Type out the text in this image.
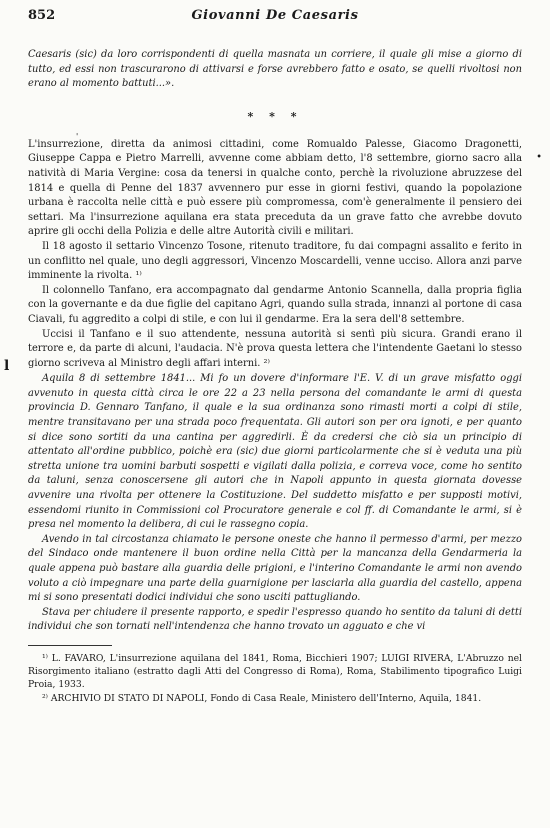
852	Giovanni De Caesaris
'
•
l

Caesaris (sic) da loro corrispondenti di quella masnata un corriere, il quale gli mise a giorno di tutto, ed essi non trascurarono di attivarsi e forse avrebbero fatto e osato, se quelli rivoltosi non erano al momento battuti...».

* * *

L'insurrezione, diretta da animosi cittadini, come Romualdo Palesse, Giacomo Dragonetti, Giuseppe Cappa e Pietro Marrelli, avvenne come abbiam detto, l'8 settembre, giorno sacro alla natività di Maria Vergine: cosa da tenersi in qualche conto, perchè la rivoluzione abruzzese del 1814 e quella di Penne del 1837 avvennero pur esse in giorni festivi, quando la popolazione urbana è raccolta nelle città e può essere più compromessa, com'è generalmente il pensiero dei settari. Ma l'insurrezione aquilana era stata preceduta da un grave fatto che avrebbe dovuto aprire gli occhi della Polizia e delle altre Autorità civili e militari.

Il 18 agosto il settario Vincenzo Tosone, ritenuto traditore, fu dai compagni assalito e ferito in un conflitto nel quale, uno degli aggressori, Vincenzo Moscardelli, venne ucciso. Allora anzi parve imminente la rivolta. ¹⁾

Il colonnello Tanfano, era accompagnato dal gendarme Antonio Scannella, dalla propria figlia con la governante e da due figlie del capitano Agri, quando sulla strada, innanzi al portone di casa Ciavali, fu aggredito a colpi di stile, e con lui il gendarme. Era la sera dell'8 settembre.

Uccisi il Tanfano e il suo attendente, nessuna autorità si sentì più sicura. Grandi erano il terrore e, da parte di alcuni, l'audacia. N'è prova questa lettera che l'intendente Gaetani lo stesso giorno scriveva al Ministro degli affari interni. ²⁾

Aquila 8 di settembre 1841... Mi fo un dovere d'informare l'E. V. di un grave misfatto oggi avvenuto in questa città circa le ore 22 a 23 nella persona del comandante le armi di questa provincia D. Gennaro Tanfano, il quale e la sua ordinanza sono rimasti morti a colpi di stile, mentre transitavano per una strada poco frequentata. Gli autori son per ora ignoti, e per quanto si dice sono sortiti da una cantina per aggredirli. È da credersi che ciò sia un principio di attentato all'ordine pubblico, poichè era (sic) due giorni particolarmente che si è veduta una più stretta unione tra uomini barbuti sospetti e vigilati dalla polizia, e correva voce, come ho sentito da taluni, senza conoscersene gli autori che in Napoli appunto in questa giornata dovesse avvenire una rivolta per ottenere la Costituzione. Del suddetto misfatto e per supposti motivi, essendomi riunito in Commissioni col Procuratore generale e col ff. di Comandante le armi, si è presa nel momento la delibera, di cui le rassegno copia.

Avendo in tal circostanza chiamato le persone oneste che hanno il permesso d'armi, per mezzo del Sindaco onde mantenere il buon ordine nella Città per la mancanza della Gendarmeria la quale appena può bastare alla guardia delle prigioni, e l'interino Comandante le armi non avendo voluto a ciò impegnare una parte della guarnigione per lasciarla alla guardia del castello, appena mi si sono presentati dodici individui che sono usciti pattugliando.

Stava per chiudere il presente rapporto, e spedir l'espresso quando ho sentito da taluni di detti individui che son tornati nell'intendenza che hanno trovato un agguato e che vi

¹⁾ L. FAVARO, L'insurrezione aquilana del 1841, Roma, Bicchieri 1907; LUIGI RIVERA, L'Abruzzo nel Risorgimento italiano (estratto dagli Atti del Congresso di Roma), Roma, Stabilimento tipografico Luigi Proia, 1933.

²⁾ ARCHIVIO DI STATO DI NAPOLI, Fondo di Casa Reale, Ministero dell'Interno, Aquila, 1841.
